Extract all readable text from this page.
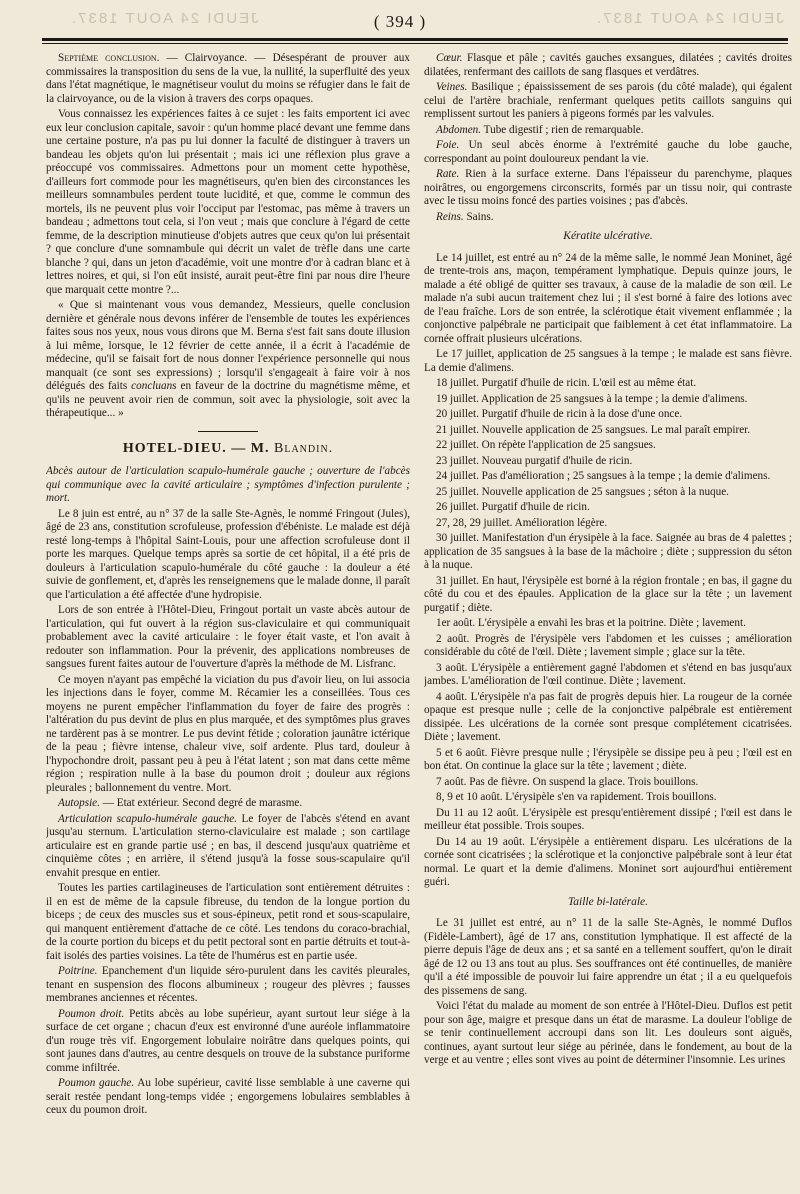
JEUDI 24 AOUT 1837.	( 394 )	JEUDI 24 AOUT 1837.

Septième conclusion. — Clairvoyance. — Désespérant de prouver aux commissaires la transposition du sens de la vue, la nullité, la superfluité des yeux dans l'état magnétique, le magnétiseur voulut du moins se réfugier dans le fait de la clairvoyance, ou de la vision à travers des corps opaques.

Vous connaissez les expériences faites à ce sujet : les faits emportent ici avec eux leur conclusion capitale, savoir : qu'un homme placé devant une femme dans une certaine posture, n'a pas pu lui donner la faculté de distinguer à travers un bandeau les objets qu'on lui présentait ; mais ici une réflexion plus grave a préoccupé vos commissaires. Admettons pour un moment cette hypothèse, d'ailleurs fort commode pour les magnétiseurs, qu'en bien des circonstances les meilleurs somnambules perdent toute lucidité, et que, comme le commun des mortels, ils ne peuvent plus voir l'occiput par l'estomac, pas même à travers un bandeau ; admettons tout cela, si l'on veut ; mais que conclure à l'égard de cette femme, de la description minutieuse d'objets autres que ceux qu'on lui présentait ? que conclure d'une somnambule qui décrit un valet de trèfle dans une carte blanche ? qui, dans un jeton d'académie, voit une montre d'or à cadran blanc et à lettres noires, et qui, si l'on eût insisté, aurait peut-être fini par nous dire l'heure que marquait cette montre ?...

« Que si maintenant vous vous demandez, Messieurs, quelle conclusion dernière et générale nous devons inférer de l'ensemble de toutes les expériences faites sous nos yeux, nous vous dirons que M. Berna s'est fait sans doute illusion à lui même, lorsque, le 12 février de cette année, il a écrit à l'académie de médecine, qu'il se faisait fort de nous donner l'expérience personnelle qui nous manquait (ce sont ses expressions) ; lorsqu'il s'engageait à faire voir à nos délégués des faits concluans en faveur de la doctrine du magnétisme même, et qu'ils ne peuvent avoir rien de commun, soit avec la physiologie, soit avec la thérapeutique... »

HOTEL-DIEU. — M. Blandin.

Abcès autour de l'articulation scapulo-humérale gauche ; ouverture de l'abcès qui communique avec la cavité articulaire ; symptômes d'infection purulente ; mort.

Le 8 juin est entré, au n° 37 de la salle Ste-Agnès, le nommé Fringout (Jules), âgé de 23 ans, constitution scrofuleuse, profession d'ébéniste. Le malade est déjà resté long-temps à l'hôpital Saint-Louis, pour une affection scrofuleuse dont il porte les marques. Quelque temps après sa sortie de cet hôpital, il a été pris de douleurs à l'articulation scapulo-humérale du côté gauche : la douleur a été suivie de gonflement, et, d'après les renseignemens que le malade donne, il paraît que l'articulation a été affectée d'une hydropisie.

Lors de son entrée à l'Hôtel-Dieu, Fringout portait un vaste abcès autour de l'articulation, qui fut ouvert à la région sus-claviculaire et qui communiquait probablement avec la cavité articulaire : le foyer était vaste, et l'on avait à redouter son inflammation. Pour la prévenir, des applications nombreuses de sangsues furent faites autour de l'ouverture d'après la méthode de M. Lisfranc.

Ce moyen n'ayant pas empêché la viciation du pus d'avoir lieu, on lui associa les injections dans le foyer, comme M. Récamier les a conseillées. Tous ces moyens ne purent empêcher l'inflammation du foyer de faire des progrès : l'altération du pus devint de plus en plus marquée, et des symptômes plus graves ne tardèrent pas à se montrer. Le pus devint fétide ; coloration jaunâtre ictérique de la peau ; fièvre intense, chaleur vive, soif ardente. Plus tard, douleur à l'hypochondre droit, passant peu à peu à l'état latent ; son mat dans cette même région ; respiration nulle à la base du poumon droit ; douleur aux régions pleurales ; ballonnement du ventre. Mort.

Autopsie. — Etat extérieur. Second degré de marasme.

Articulation scapulo-humérale gauche. Le foyer de l'abcès s'étend en avant jusqu'au sternum. L'articulation sterno-claviculaire est malade ; son cartilage articulaire est en grande partie usé ; en bas, il descend jusqu'aux quatrième et cinquième côtes ; en arrière, il s'étend jusqu'à la fosse sous-scapulaire qu'il envahit presque en entier.

Toutes les parties cartilagineuses de l'articulation sont entièrement détruites : il en est de même de la capsule fibreuse, du tendon de la longue portion du biceps ; de ceux des muscles sus et sous-épineux, petit rond et sous-scapulaire, qui manquent entièrement d'attache de ce côté. Les tendons du coraco-brachial, de la courte portion du biceps et du petit pectoral sont en partie détruits et tout-à-fait isolés des parties voisines. La tête de l'humérus est en partie usée.

Poitrine. Epanchement d'un liquide séro-purulent dans les cavités pleurales, tenant en suspension des flocons albumineux ; rougeur des plèvres ; fausses membranes anciennes et récentes.

Poumon droit. Petits abcès au lobe supérieur, ayant surtout leur siége à la surface de cet organe ; chacun d'eux est environné d'une auréole inflammatoire d'un rouge très vif. Engorgement lobulaire noirâtre dans quelques points, qui sont jaunes dans d'autres, au centre desquels on trouve de la substance puriforme comme infiltrée.

Poumon gauche. Au lobe supérieur, cavité lisse semblable à une caverne qui serait restée pendant long-temps vidée ; engorgemens lobulaires semblables à ceux du poumon droit.

Cœur. Flasque et pâle ; cavités gauches exsangues, dilatées ; cavités droites dilatées, renfermant des caillots de sang flasques et verdâtres.

Veines. Basilique ; épaississement de ses parois (du côté malade), qui égalent celui de l'artère brachiale, renfermant quelques petits caillots sanguins qui remplissent surtout les paniers à pigeons formés par les valvules.

Abdomen. Tube digestif ; rien de remarquable.

Foie. Un seul abcès énorme à l'extrémité gauche du lobe gauche, correspondant au point douloureux pendant la vie.

Rate. Rien à la surface externe. Dans l'épaisseur du parenchyme, plaques noirâtres, ou engorgemens circonscrits, formés par un tissu noir, qui contraste avec le tissu moins foncé des parties voisines ; pas d'abcès.

Reins. Sains.

Kératite ulcérative.

Le 14 juillet, est entré au n° 24 de la même salle, le nommé Jean Moninet, âgé de trente-trois ans, maçon, tempérament lymphatique. Depuis quinze jours, le malade a été obligé de quitter ses travaux, à cause de la maladie de son œil. Le malade n'a subi aucun traitement chez lui ; il s'est borné à faire des lotions avec de l'eau fraîche. Lors de son entrée, la sclérotique était vivement enflammée ; la conjonctive palpébrale ne participait que faiblement à cet état inflammatoire. La cornée offrait plusieurs ulcérations.

Le 17 juillet, application de 25 sangsues à la tempe ; le malade est sans fièvre. La demie d'alimens.

18 juillet. Purgatif d'huile de ricin. L'œil est au même état.

19 juillet. Application de 25 sangsues à la tempe ; la demie d'alimens.

20 juillet. Purgatif d'huile de ricin à la dose d'une once.

21 juillet. Nouvelle application de 25 sangsues. Le mal paraît empirer.

22 juillet. On répète l'application de 25 sangsues.

23 juillet. Nouveau purgatif d'huile de ricin.

24 juillet. Pas d'amélioration ; 25 sangsues à la tempe ; la demie d'alimens.

25 juillet. Nouvelle application de 25 sangsues ; séton à la nuque.

26 juillet. Purgatif d'huile de ricin.

27, 28, 29 juillet. Amélioration légère.

30 juillet. Manifestation d'un érysipèle à la face. Saignée au bras de 4 palettes ; application de 35 sangsues à la base de la mâchoire ; diète ; suppression du séton à la nuque.

31 juillet. En haut, l'érysipèle est borné à la région frontale ; en bas, il gagne du côté du cou et des épaules. Application de la glace sur la tête ; un lavement purgatif ; diète.

1er août. L'érysipèle a envahi les bras et la poitrine. Diète ; lavement.

2 août. Progrès de l'érysipèle vers l'abdomen et les cuisses ; amélioration considérable du côté de l'œil. Diète ; lavement simple ; glace sur la tête.

3 août. L'érysipèle a entièrement gagné l'abdomen et s'étend en bas jusqu'aux jambes. L'amélioration de l'œil continue. Diète ; lavement.

4 août. L'érysipèle n'a pas fait de progrès depuis hier. La rougeur de la cornée opaque est presque nulle ; celle de la conjonctive palpébrale est entièrement dissipée. Les ulcérations de la cornée sont presque complétement cicatrisées. Diète ; lavement.

5 et 6 août. Fièvre presque nulle ; l'érysipèle se dissipe peu à peu ; l'œil est en bon état. On continue la glace sur la tête ; lavement ; diète.

7 août. Pas de fièvre. On suspend la glace. Trois bouillons.

8, 9 et 10 août. L'érysipèle s'en va rapidement. Trois bouillons.

Du 11 au 12 août. L'érysipèle est presqu'entièrement dissipé ; l'œil est dans le meilleur état possible. Trois soupes.

Du 14 au 19 août. L'érysipèle a entièrement disparu. Les ulcérations de la cornée sont cicatrisées ; la sclérotique et la conjonctive palpébrale sont à leur état normal. Le quart et la demie d'alimens. Moninet sort aujourd'hui entièrement guéri.

Taille bi-latérale.

Le 31 juillet est entré, au n° 11 de la salle Ste-Agnès, le nommé Duflos (Fidèle-Lambert), âgé de 17 ans, constitution lymphatique. Il est affecté de la pierre depuis l'âge de deux ans ; et sa santé en a tellement souffert, qu'on le dirait âgé de 12 ou 13 ans tout au plus. Ses souffrances ont été continuelles, de manière qu'il a été impossible de pouvoir lui faire apprendre un état ; il a eu quelquefois des pissemens de sang.

Voici l'état du malade au moment de son entrée à l'Hôtel-Dieu. Duflos est petit pour son âge, maigre et presque dans un état de marasme. La douleur l'oblige de se tenir continuellement accroupi dans son lit. Les douleurs sont aiguës, continues, ayant surtout leur siége au périnée, dans le fondement, au bout de la verge et au ventre ; elles sont vives au point de déterminer l'insomnie. Les urines
